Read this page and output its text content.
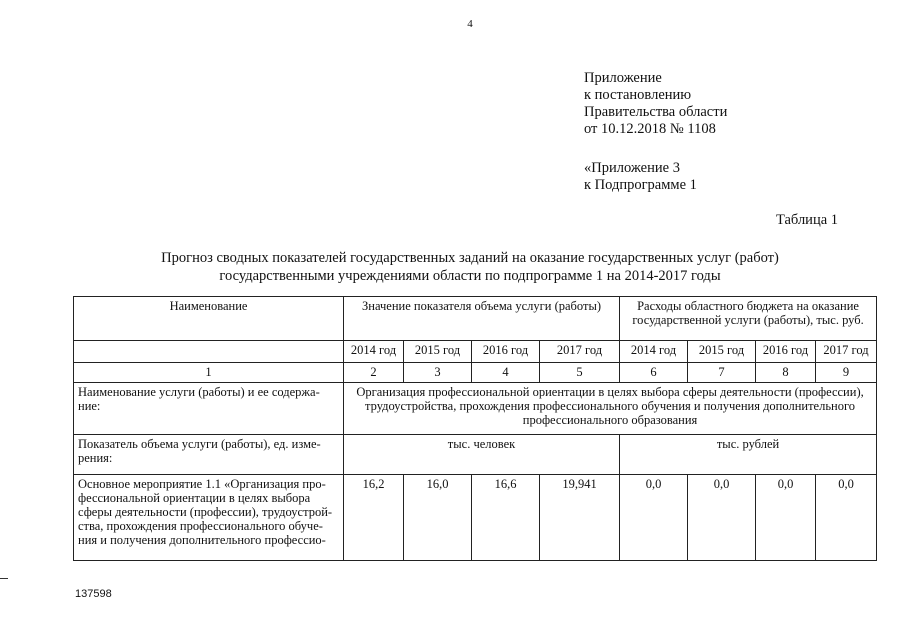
4
Приложение
к постановлению
Правительства области
от 10.12.2018 № 1108
«Приложение 3
к Подпрограмме 1
Таблица 1
Прогноз сводных показателей государственных заданий на оказание государственных услуг (работ)
государственными учреждениями области по подпрограмме 1 на 2014-2017 годы
Наименование	Значение показателя объема услуги (работы)				Расходы областного бюджета на оказание государственной услуги (работы), тыс. руб.			
	2014 год	2015 год	2016 год	2017 год	2014 год	2015 год	2016 год	2017 год
1	2	3	4	5	6	7	8	9
Наименование услуги (работы) и ее содержа-ние:	Организация профессиональной ориентации в целях выбора сферы деятельности (профессии), трудоустройства, прохождения профессионального обучения и получения дополнительного профессионального образования							
Показатель объема услуги (работы), ед. изме-рения:	тыс. человек				тыс. рублей			
Основное мероприятие 1.1 «Организация про-фессиональной ориентации в целях выбора сферы деятельности (профессии), трудоустрой-ства, прохождения профессионального обуче-ния и получения дополнительного профессио-	16,2	16,0	16,6	19,941	0,0	0,0	0,0	0,0
137598
